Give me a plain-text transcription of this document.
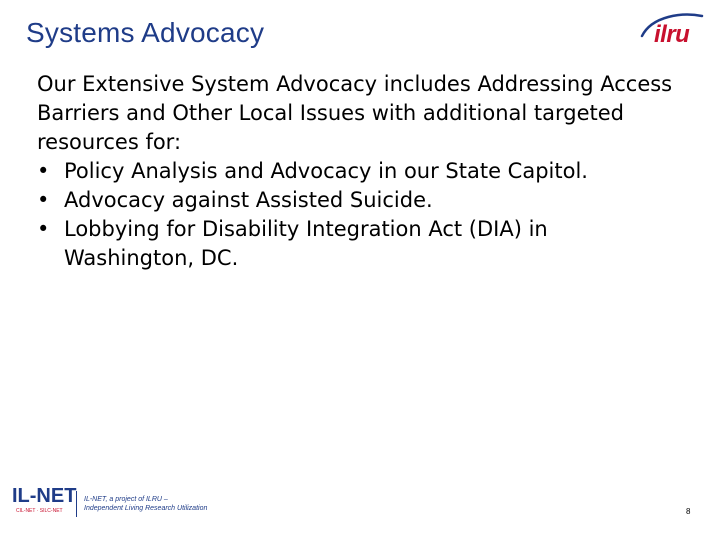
Systems Advocacy	ilru

Our Extensive System Advocacy includes Addressing Access Barriers and Other Local Issues with additional targeted resources for:

• Policy Analysis and Advocacy in our State Capitol.
• Advocacy against Assisted Suicide.
• Lobbying for Disability Integration Act (DIA) in Washington, DC.
IL-NET
CIL-NET · SILC-NET
IL-NET, a project of ILRU –
Independent Living Research Utilization	8
